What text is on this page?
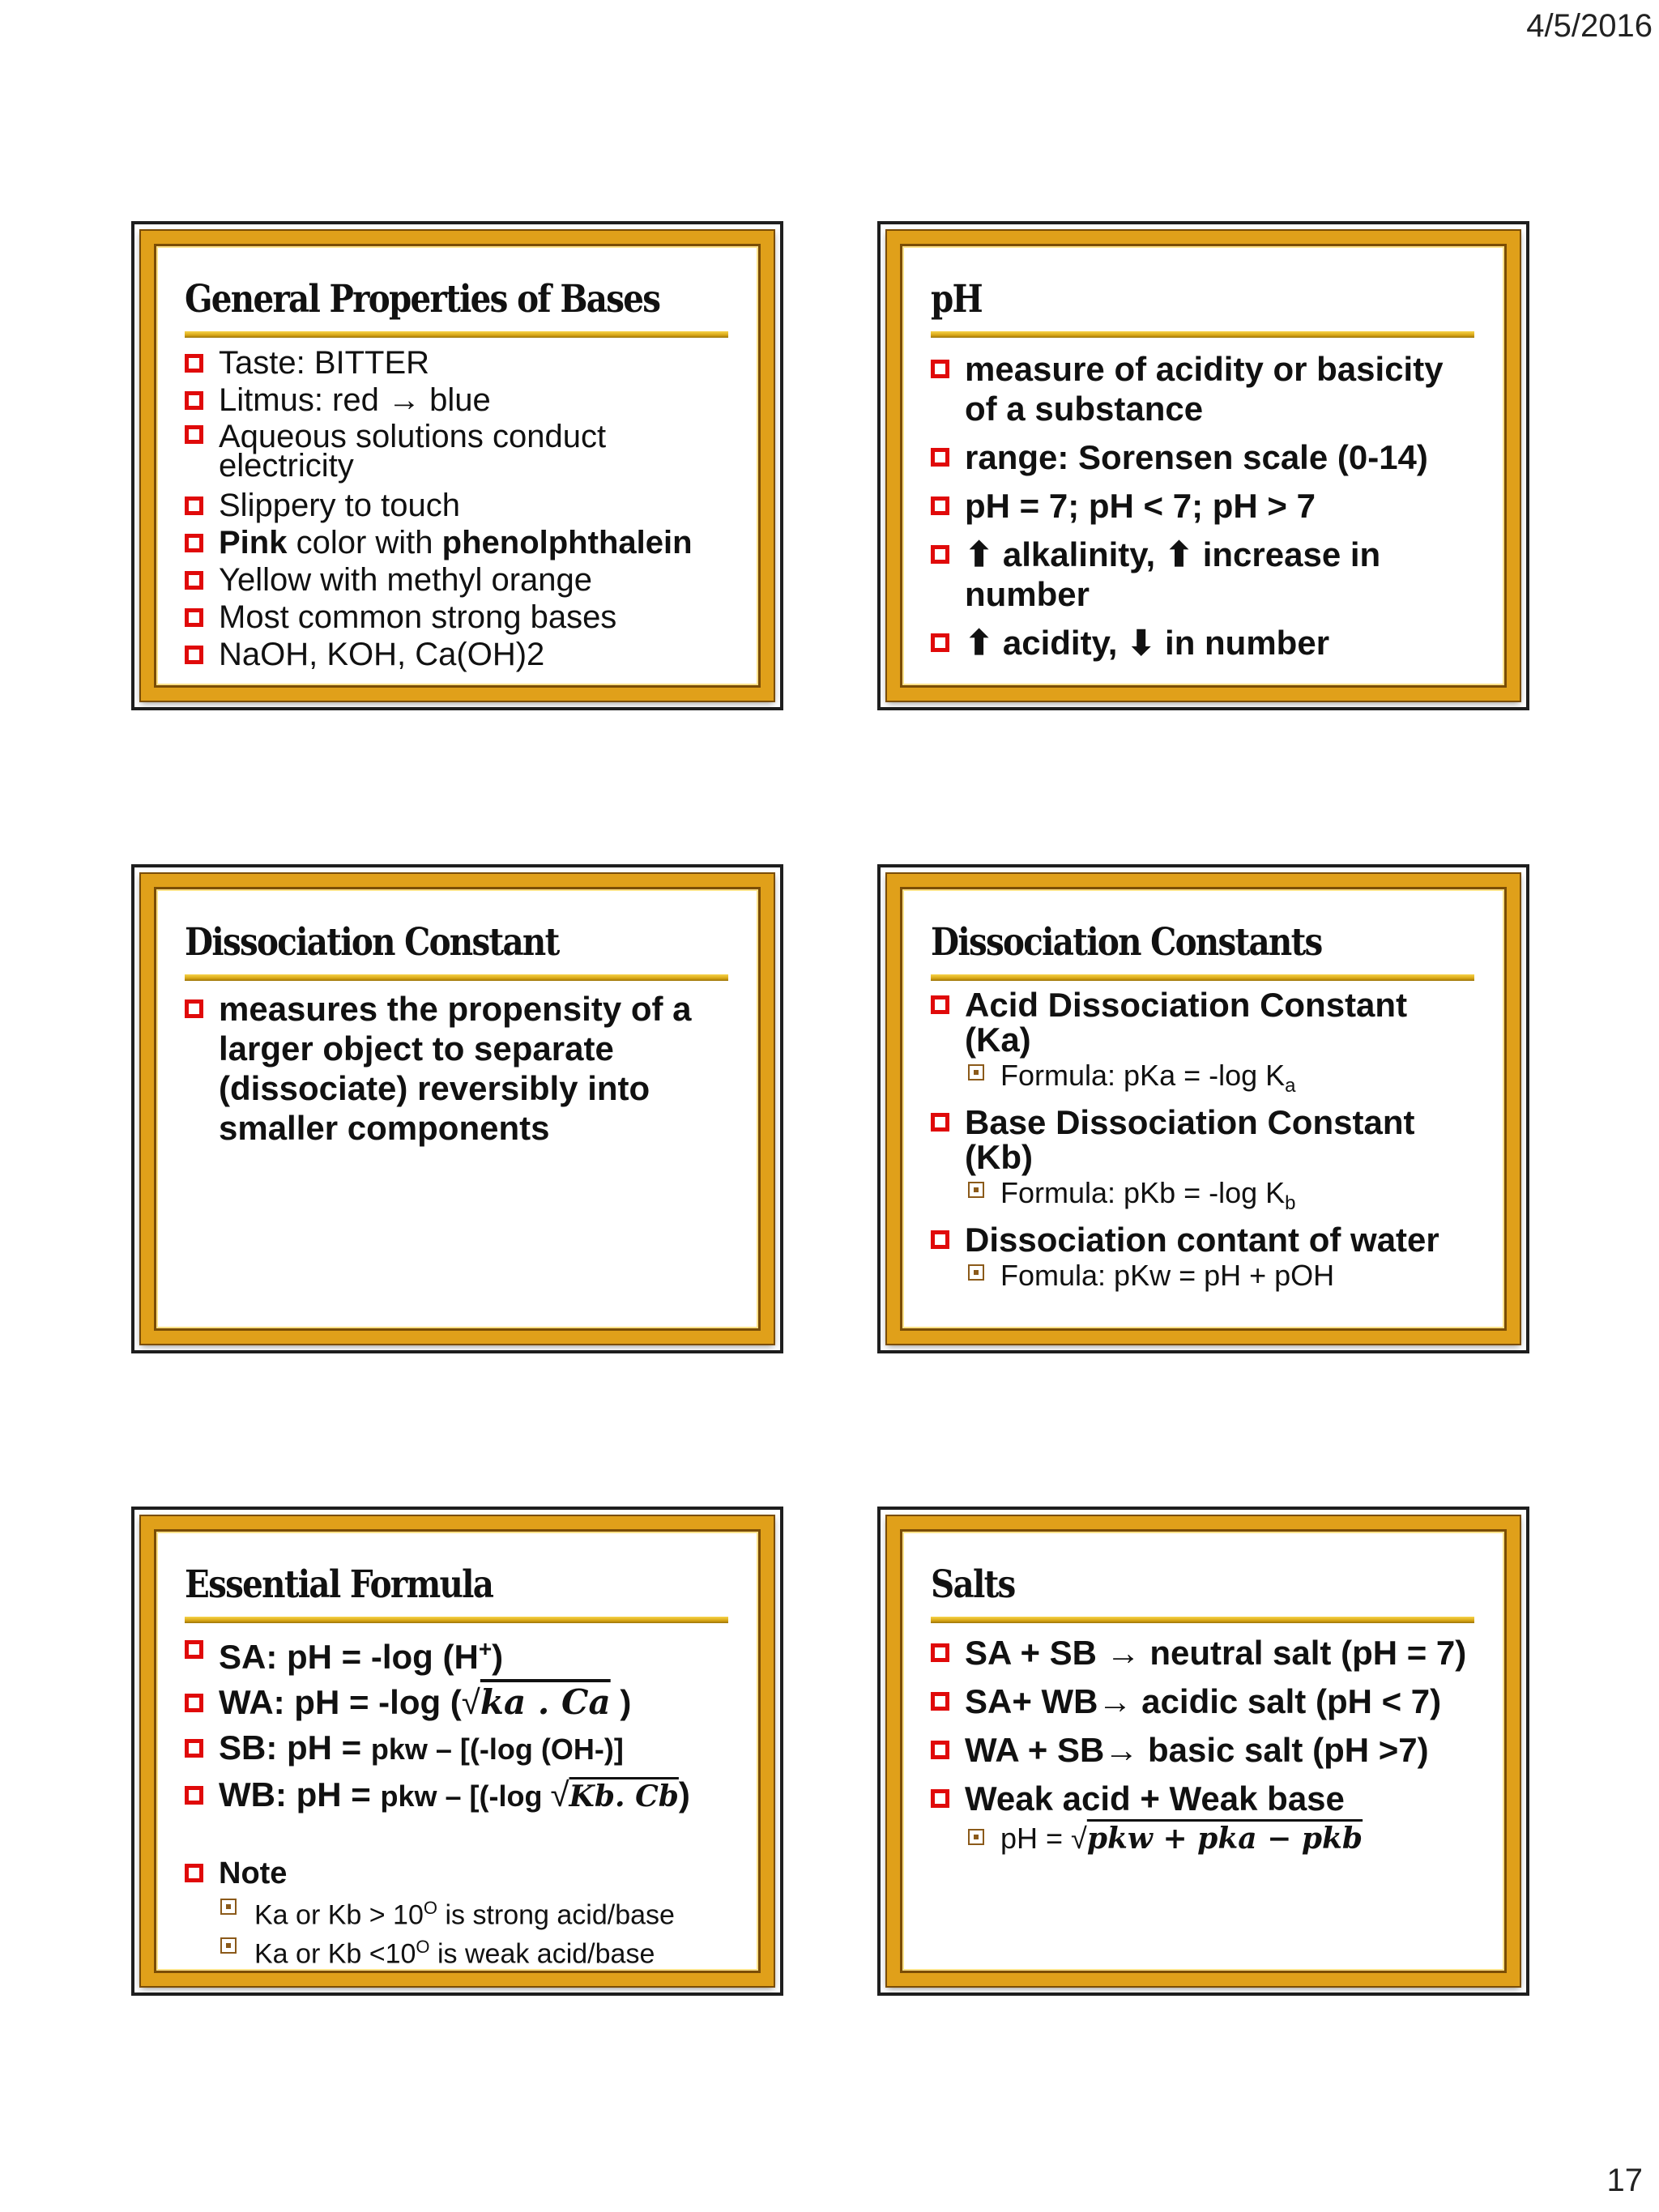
4/5/2016
General Properties of Bases
Taste: BITTER
Litmus: red → blue
Aqueous solutions conduct electricity
Slippery to touch
Pink color with phenolphthalein
Yellow with methyl orange
Most common strong bases
NaOH, KOH, Ca(OH)2
pH
measure of acidity or basicity of a substance
range: Sorensen scale (0-14)
pH = 7; pH < 7; pH > 7
⬆ alkalinity, ⬆ increase in number
⬆ acidity, ⬇ in number
Dissociation Constant
measures the propensity of a larger object to separate (dissociate) reversibly into smaller components
Dissociation Constants
Acid Dissociation Constant (Ka)
Formula: pKa = -log $K_a$
Base Dissociation Constant (Kb)
Formula: pKb = -log $K_b$
Dissociation contant of water
Fomula: pKw = pH + pOH
Essential Formula
SA: pH = -log (H+)
WA: pH = -log (√ka . Ca )
SB: pH = pkw – [(-log (OH-)]
WB: pH = pkw – [(-log √Kb. Cb)
Note
Ka or $Kb > 10^O$ is strong acid/base
Ka or $Kb <10^O$ is weak acid/base
Salts
SA + SB → neutral salt (pH = 7)
SA+ WB→ acidic salt (pH < 7)
WA + SB→ basic salt (pH >7)
Weak acid + Weak base
pH = √pkw + pka − pkb
17
